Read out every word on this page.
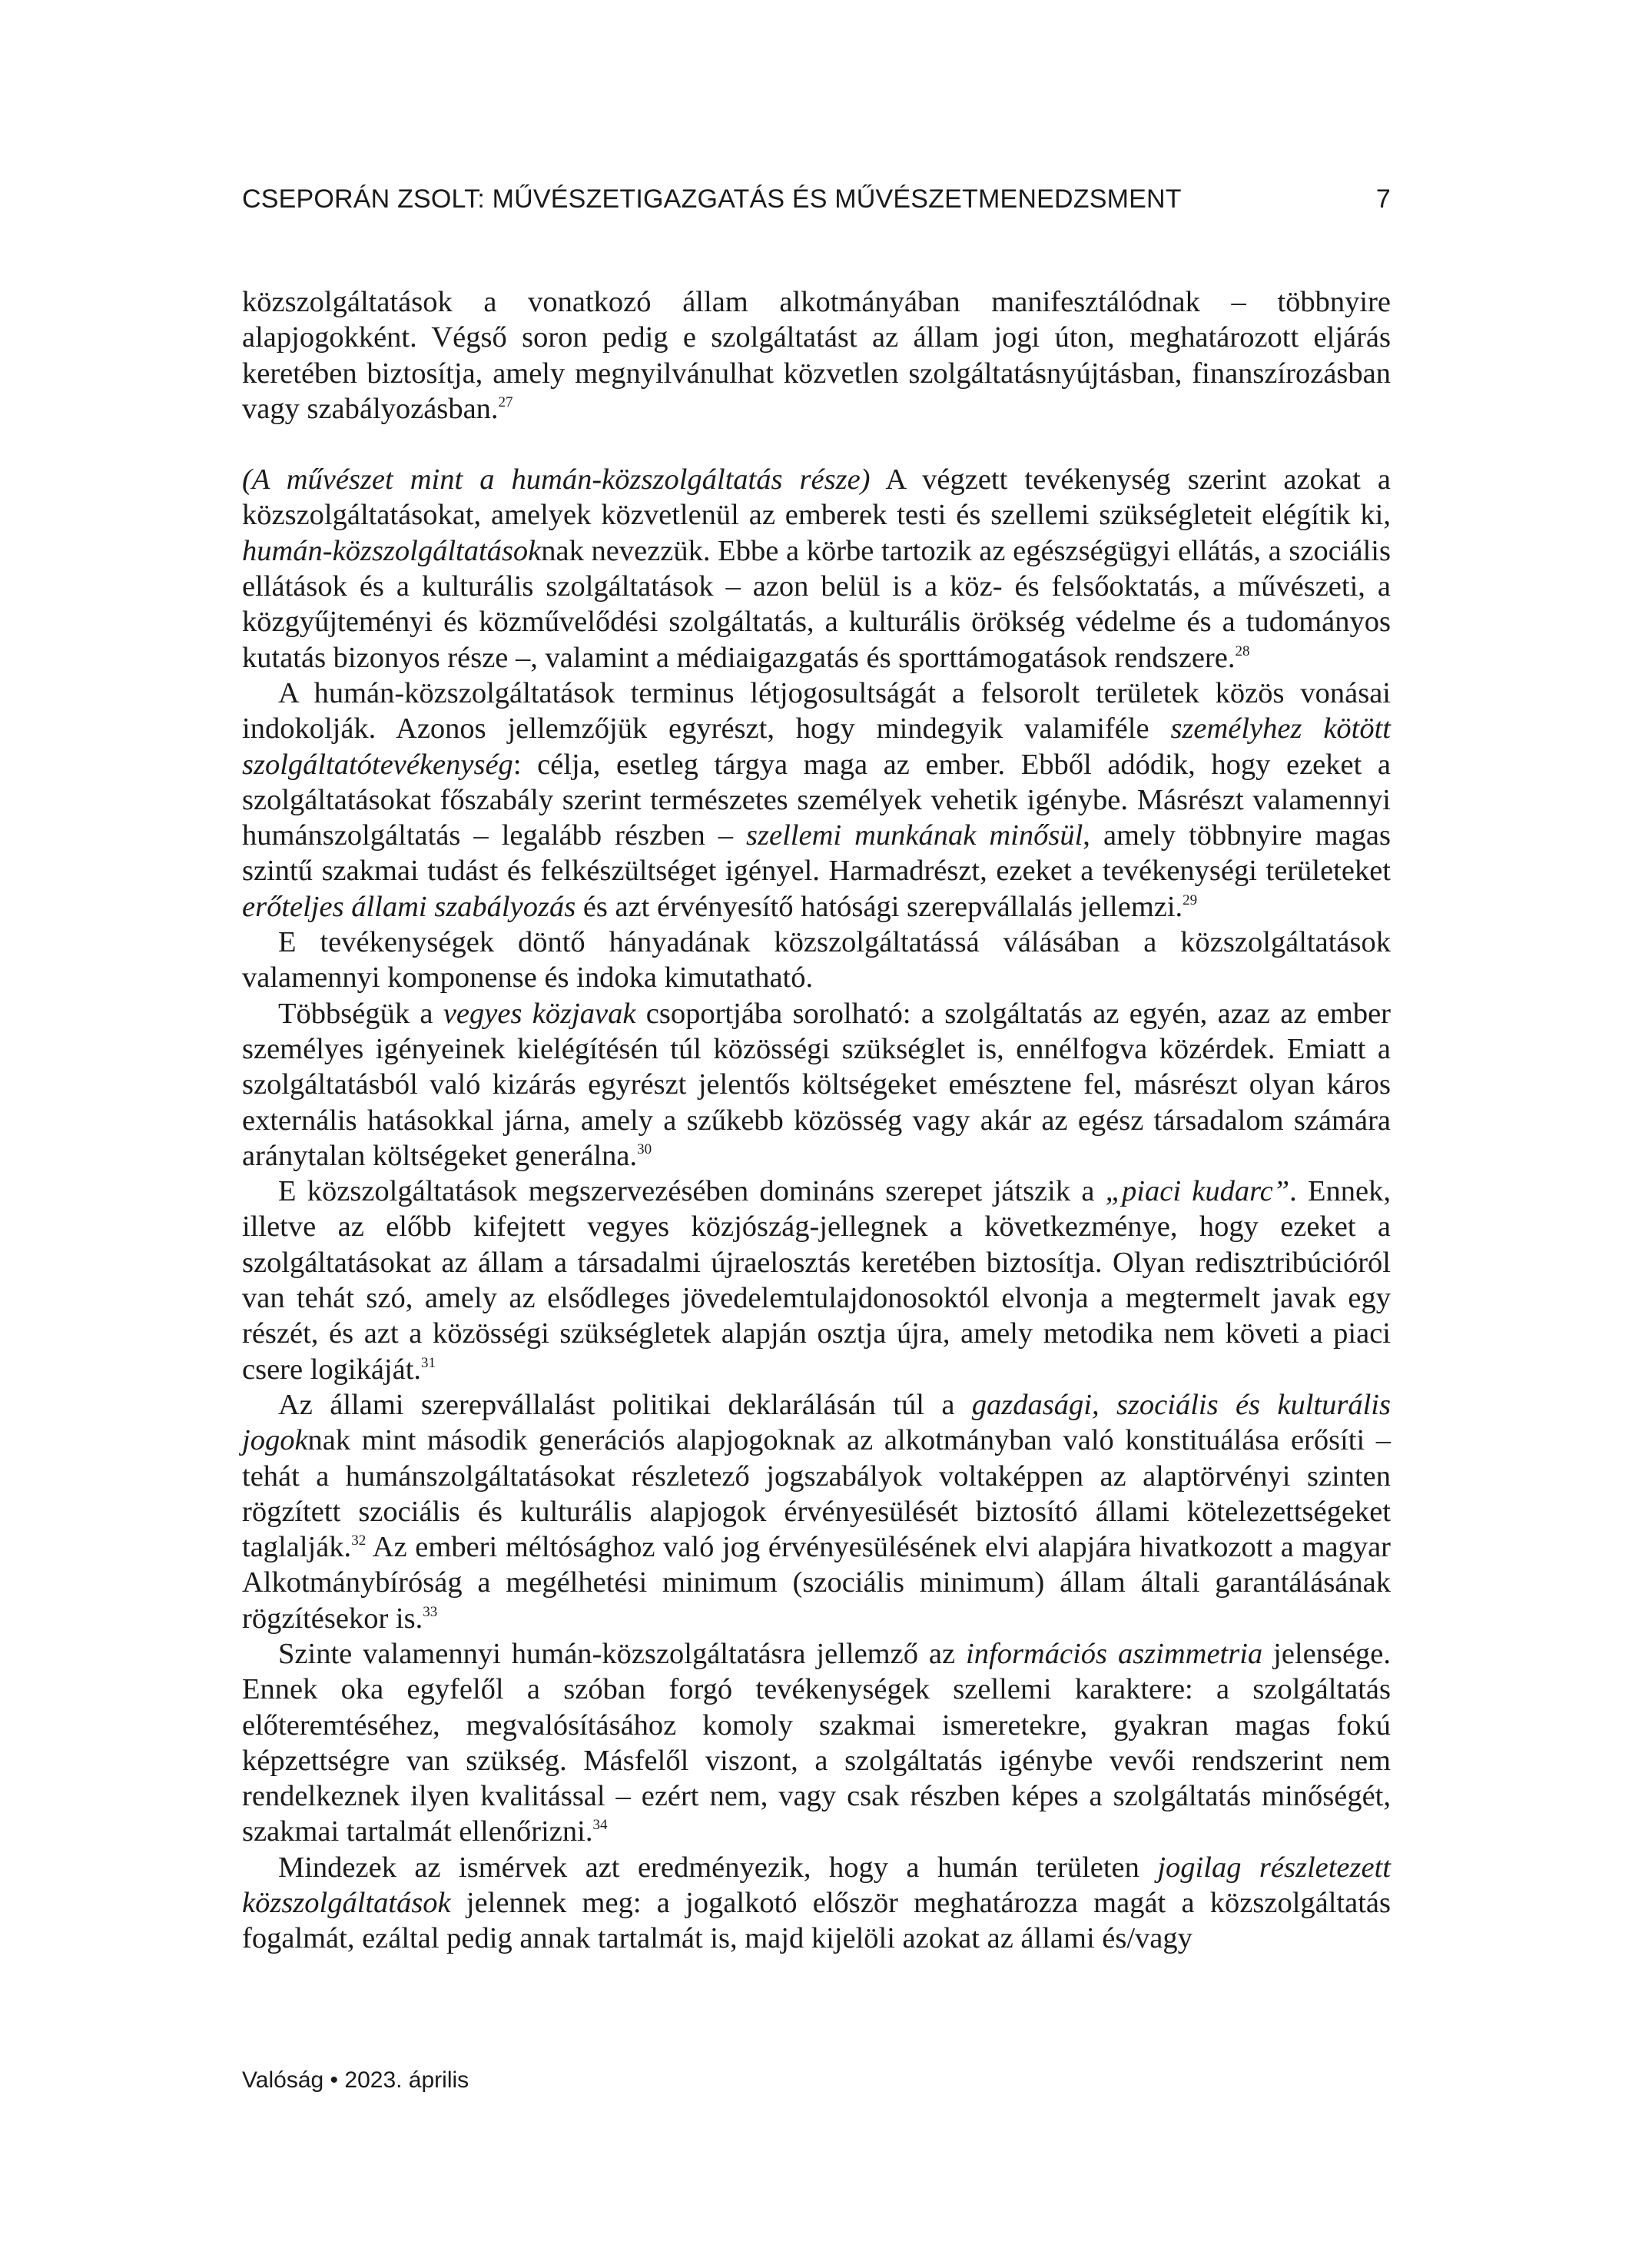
CSEPORÁN ZSOLT: MŰVÉSZETIGAZGATÁS ÉS MŰVÉSZETMENEDZSMENT	7

közszolgáltatások a vonatkozó állam alkotmányában manifesztálódnak – többnyire alapjogokként. Végső soron pedig e szolgáltatást az állam jogi úton, meghatározott eljárás keretében biztosítja, amely megnyilvánulhat közvetlen szolgáltatásnyújtásban, finanszírozásban vagy szabályozásban.$^{27}$

(A művészet mint a humán-közszolgáltatás része) A végzett tevékenység szerint azokat a közszolgáltatásokat, amelyek közvetlenül az emberek testi és szellemi szükségleteit elégítik ki, humán-közszolgáltatásoknak nevezzük. Ebbe a körbe tartozik az egészségügyi ellátás, a szociális ellátások és a kulturális szolgáltatások – azon belül is a köz- és felsőoktatás, a művészeti, a közgyűjteményi és közművelődési szolgáltatás, a kulturális örökség védelme és a tudományos kutatás bizonyos része –, valamint a médiaigazgatás és sporttámogatások rendszere.$^{28}$

A humán-közszolgáltatások terminus létjogosultságát a felsorolt területek közös vonásai indokolják. Azonos jellemzőjük egyrészt, hogy mindegyik valamiféle személyhez kötött szolgáltatótevékenység: célja, esetleg tárgya maga az ember. Ebből adódik, hogy ezeket a szolgáltatásokat főszabály szerint természetes személyek vehetik igénybe. Másrészt valamennyi humánszolgáltatás – legalább részben – szellemi munkának minősül, amely többnyire magas szintű szakmai tudást és felkészültséget igényel. Harmadrészt, ezeket a tevékenységi területeket erőteljes állami szabályozás és azt érvényesítő hatósági szerepvállalás jellemzi.$^{29}$

E tevékenységek döntő hányadának közszolgáltatássá válásában a közszolgáltatások valamennyi komponense és indoka kimutatható.

Többségük a vegyes közjavak csoportjába sorolható: a szolgáltatás az egyén, azaz az ember személyes igényeinek kielégítésén túl közösségi szükséglet is, ennélfogva közérdek. Emiatt a szolgáltatásból való kizárás egyrészt jelentős költségeket emésztene fel, másrészt olyan káros externális hatásokkal járna, amely a szűkebb közösség vagy akár az egész társadalom számára aránytalan költségeket generálna.$^{30}$

E közszolgáltatások megszervezésében domináns szerepet játszik a „piaci kudarc”. Ennek, illetve az előbb kifejtett vegyes közjószág-jellegnek a következménye, hogy ezeket a szolgáltatásokat az állam a társadalmi újraelosztás keretében biztosítja. Olyan redisztribúcióról van tehát szó, amely az elsődleges jövedelemtulajdonosoktól elvonja a megtermelt javak egy részét, és azt a közösségi szükségletek alapján osztja újra, amely metodika nem követi a piaci csere logikáját.$^{31}$

Az állami szerepvállalást politikai deklarálásán túl a gazdasági, szociális és kulturális jogoknak mint második generációs alapjogoknak az alkotmányban való konstituálása erősíti – tehát a humánszolgáltatásokat részletező jogszabályok voltaképpen az alaptörvényi szinten rögzített szociális és kulturális alapjogok érvényesülését biztosító állami kötelezettségeket taglalják.$^{32}$ Az emberi méltósághoz való jog érvényesülésének elvi alapjára hivatkozott a magyar Alkotmánybíróság a megélhetési minimum (szociális minimum) állam általi garantálásának rögzítésekor is.$^{33}$

Szinte valamennyi humán-közszolgáltatásra jellemző az információs aszimmetria jelensége. Ennek oka egyfelől a szóban forgó tevékenységek szellemi karaktere: a szolgáltatás előteremtéséhez, megvalósításához komoly szakmai ismeretekre, gyakran magas fokú képzettségre van szükség. Másfelől viszont, a szolgáltatás igénybe vevői rendszerint nem rendelkeznek ilyen kvalitással – ezért nem, vagy csak részben képes a szolgáltatás minőségét, szakmai tartalmát ellenőrizni.$^{34}$

Mindezek az ismérvek azt eredményezik, hogy a humán területen jogilag részletezett közszolgáltatások jelennek meg: a jogalkotó először meghatározza magát a közszolgáltatás fogalmát, ezáltal pedig annak tartalmát is, majd kijelöli azokat az állami és/vagy

Valóság • 2023. április
